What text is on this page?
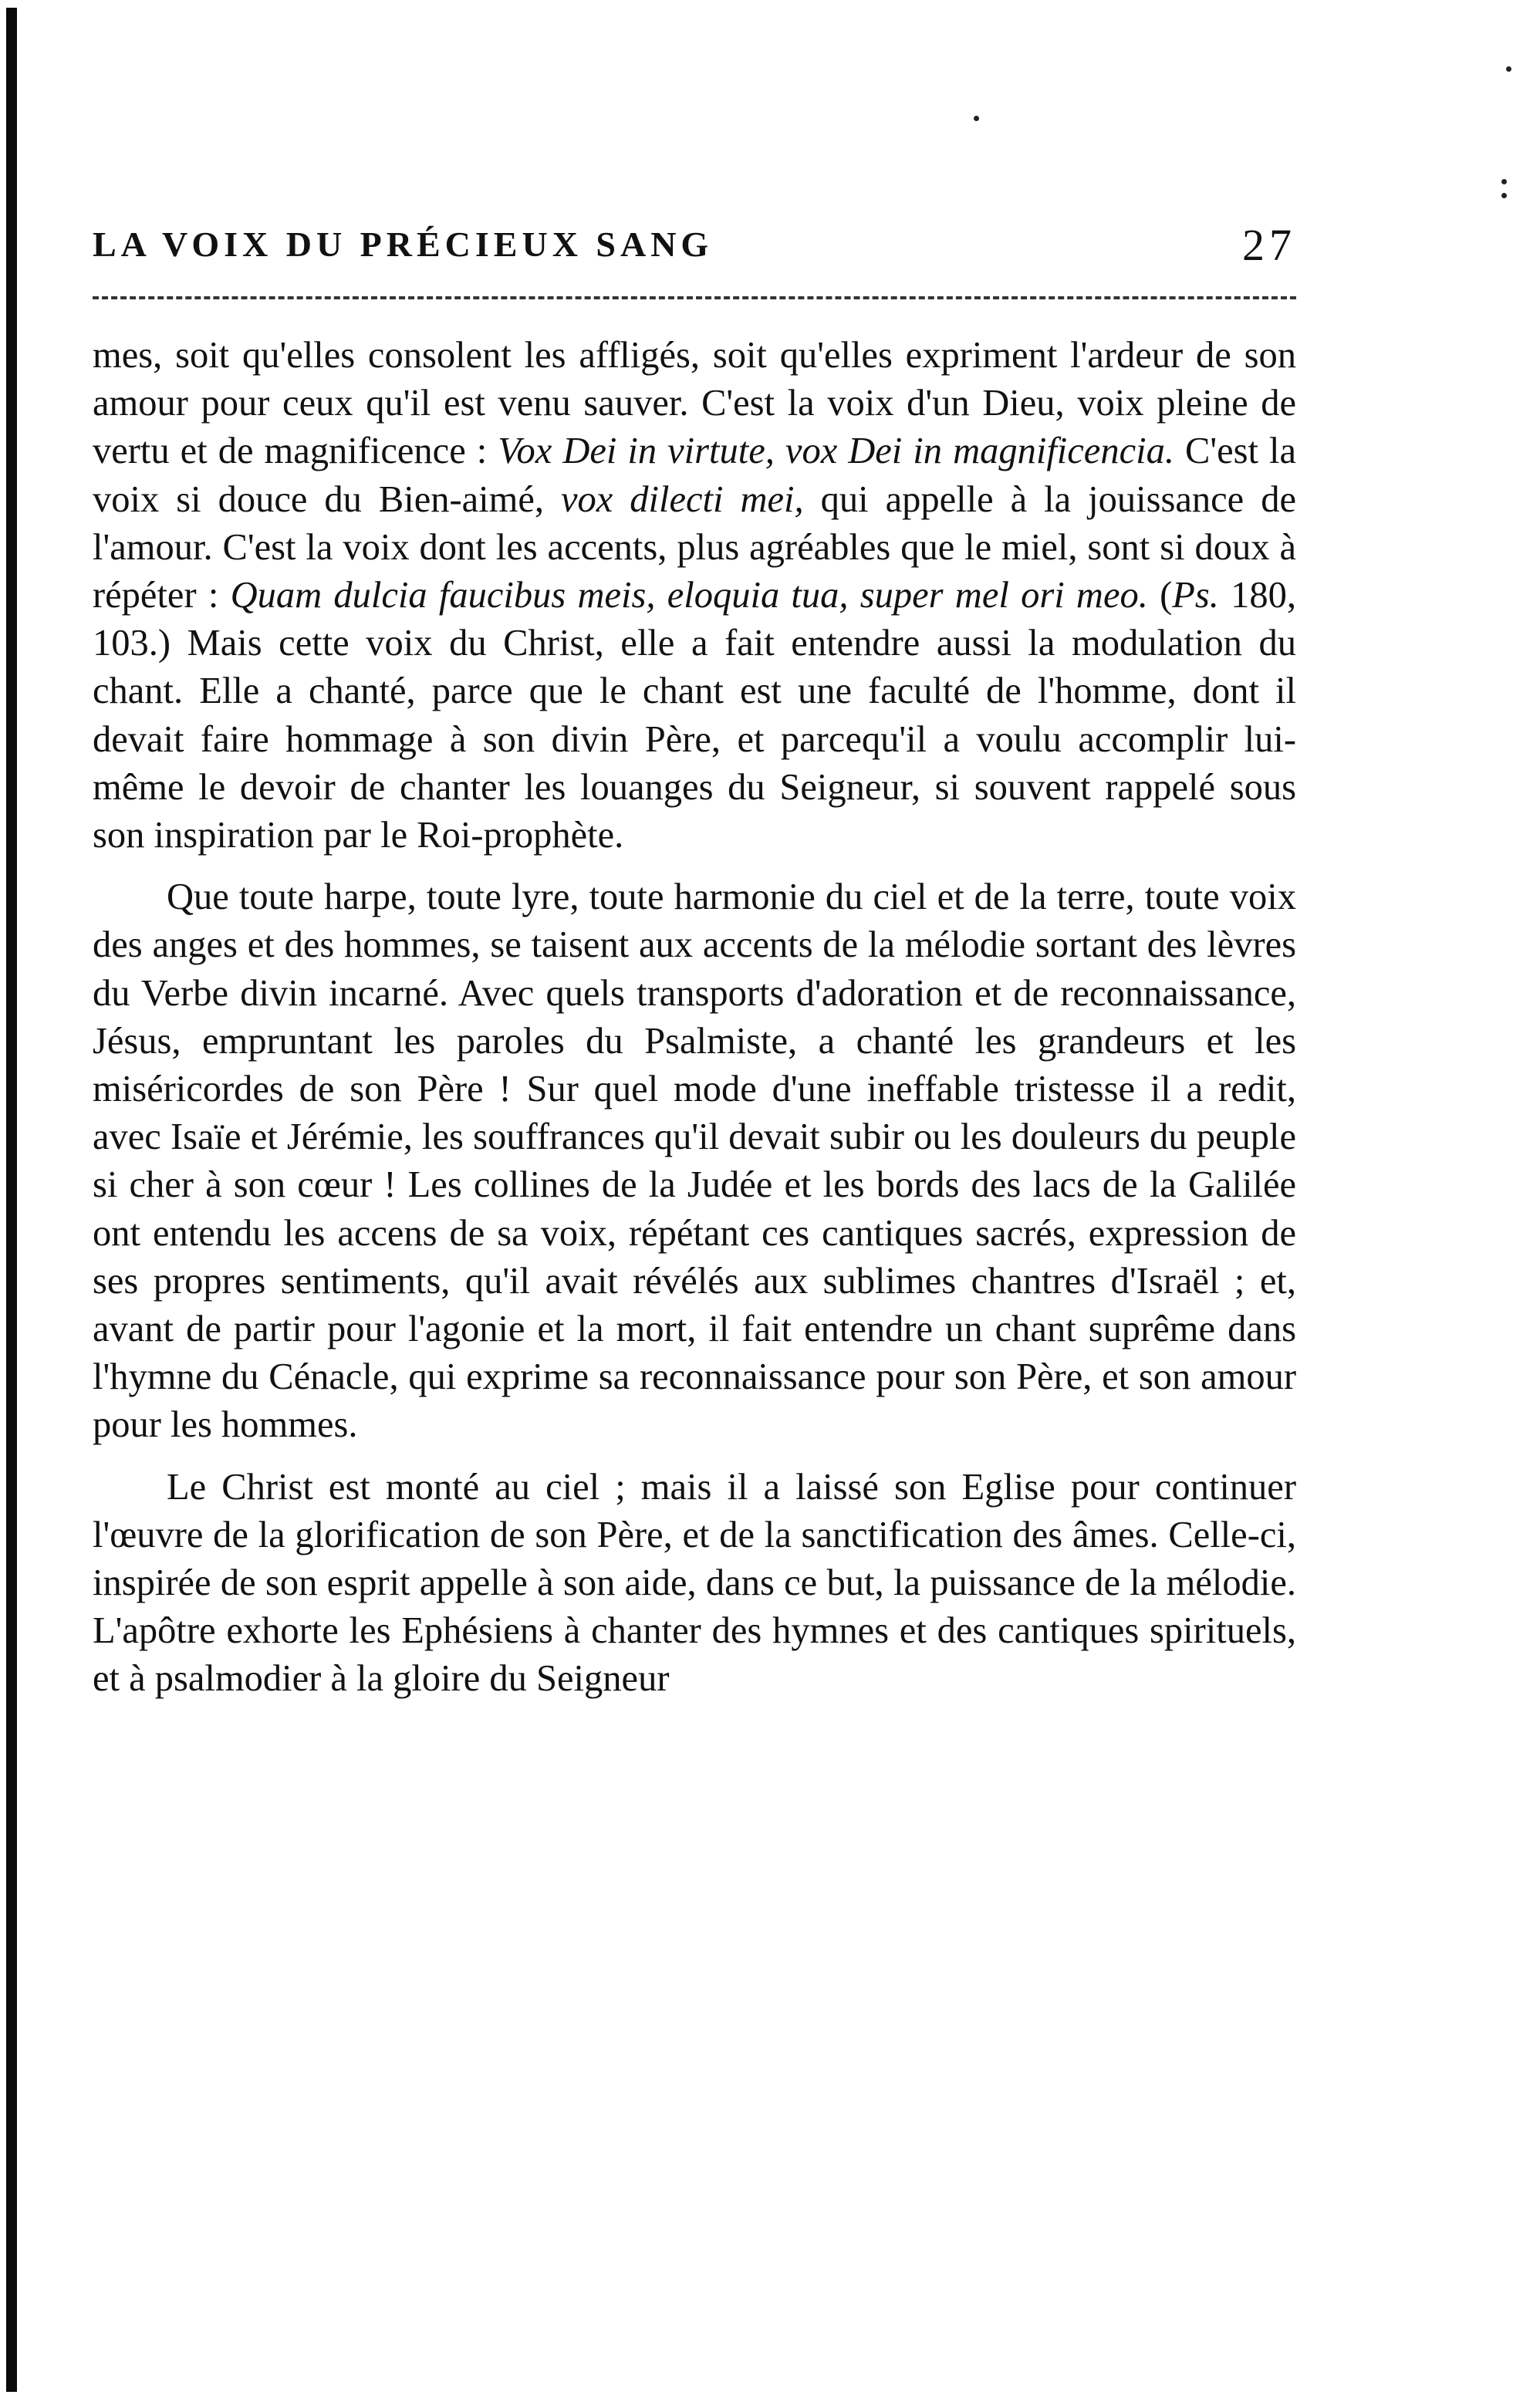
LA VOIX DU PRÉCIEUX SANG	27

mes, soit qu'elles consolent les affligés, soit qu'elles expriment l'ardeur de son amour pour ceux qu'il est venu sauver. C'est la voix d'un Dieu, voix pleine de vertu et de magnificence : Vox Dei in virtute, vox Dei in magnificencia. C'est la voix si douce du Bien-aimé, vox dilecti mei, qui appelle à la jouissance de l'amour. C'est la voix dont les accents, plus agréables que le miel, sont si doux à répéter : Quam dulcia faucibus meis, eloquia tua, super mel ori meo. (Ps. 180, 103.) Mais cette voix du Christ, elle a fait entendre aussi la modulation du chant. Elle a chanté, parce que le chant est une faculté de l'homme, dont il devait faire hommage à son divin Père, et parcequ'il a voulu accomplir lui-même le devoir de chanter les louanges du Seigneur, si souvent rappelé sous son inspiration par le Roi-prophète.

Que toute harpe, toute lyre, toute harmonie du ciel et de la terre, toute voix des anges et des hommes, se taisent aux accents de la mélodie sortant des lèvres du Verbe divin incarné. Avec quels transports d'adoration et de reconnaissance, Jésus, empruntant les paroles du Psalmiste, a chanté les grandeurs et les miséricordes de son Père ! Sur quel mode d'une ineffable tristesse il a redit, avec Isaïe et Jérémie, les souffrances qu'il devait subir ou les douleurs du peuple si cher à son cœur ! Les collines de la Judée et les bords des lacs de la Galilée ont entendu les accens de sa voix, répétant ces cantiques sacrés, expression de ses propres sentiments, qu'il avait révélés aux sublimes chantres d'Israël ; et, avant de partir pour l'agonie et la mort, il fait entendre un chant suprême dans l'hymne du Cénacle, qui exprime sa reconnaissance pour son Père, et son amour pour les hommes.

Le Christ est monté au ciel ; mais il a laissé son Eglise pour continuer l'œuvre de la glorification de son Père, et de la sanctification des âmes. Celle-ci, inspirée de son esprit appelle à son aide, dans ce but, la puissance de la mélodie. L'apôtre exhorte les Ephésiens à chanter des hymnes et des cantiques spirituels, et à psalmodier à la gloire du Seigneur
